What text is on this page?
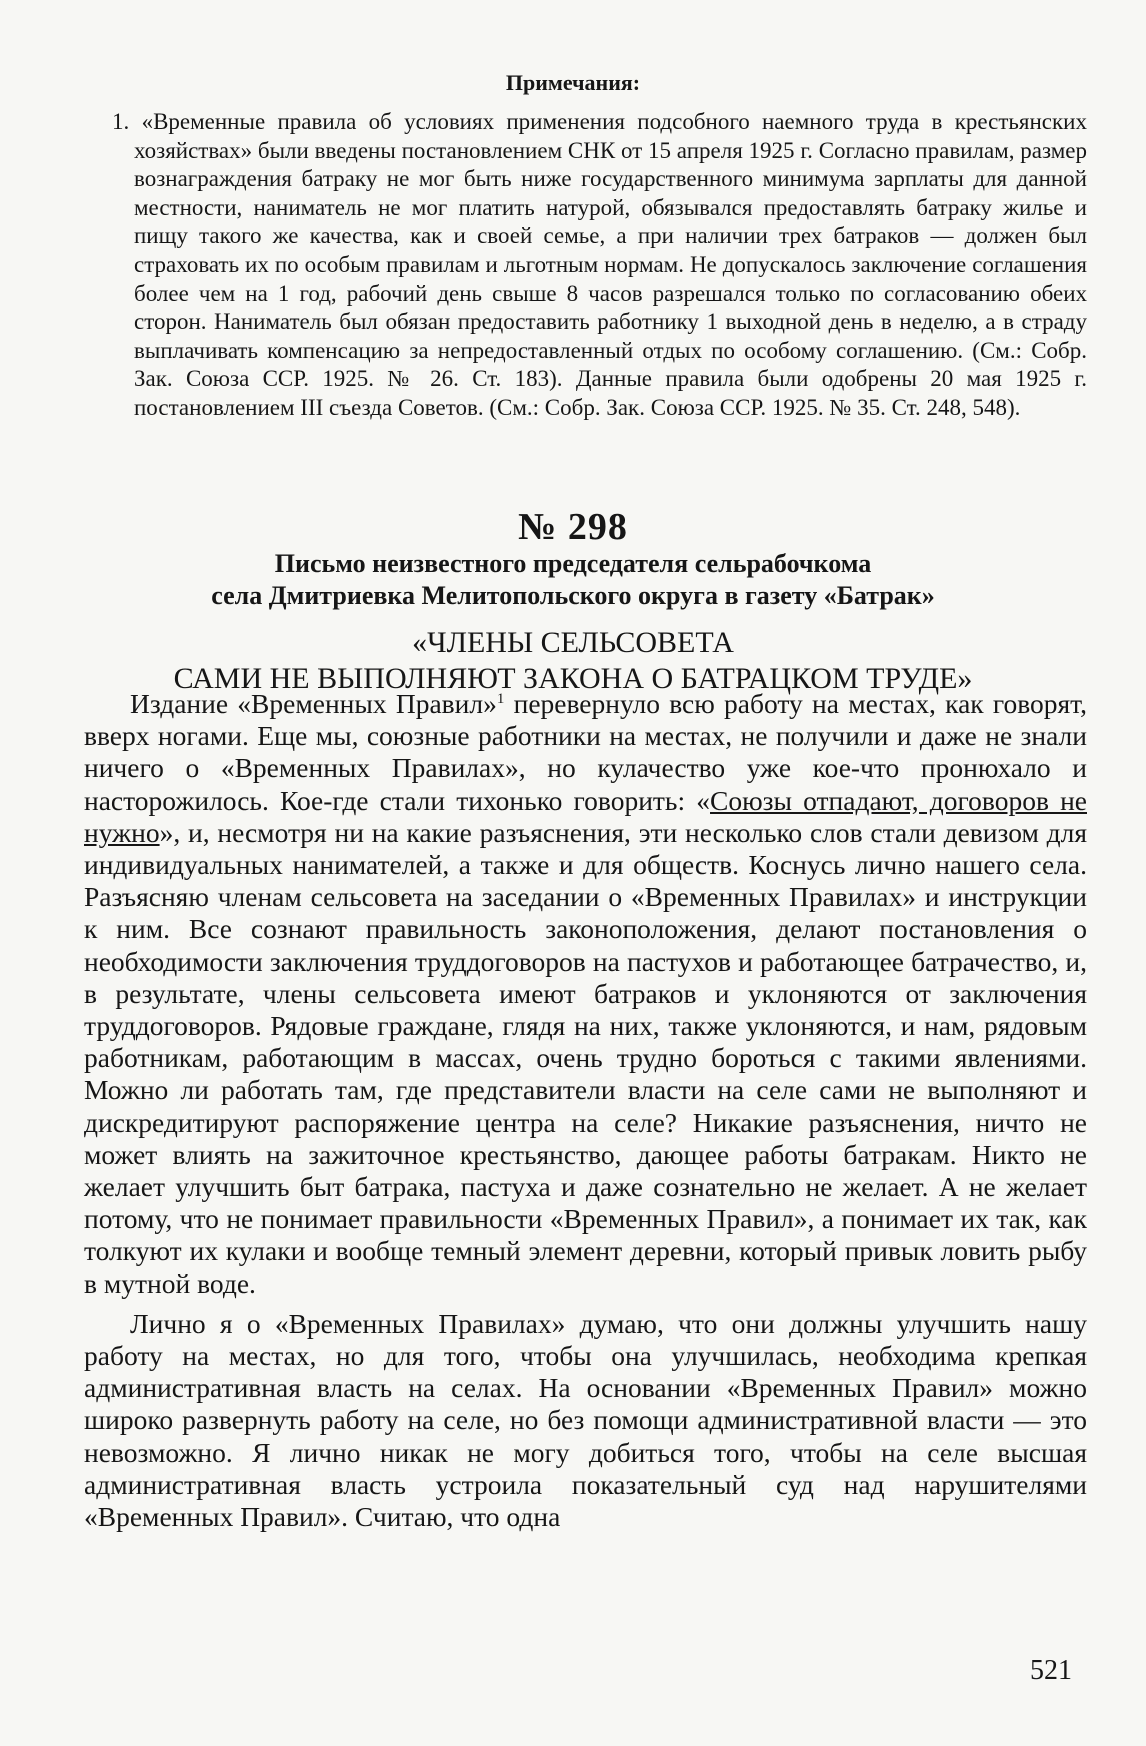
Примечания:
1. «Временные правила об условиях применения подсобного наемного труда в крестьянских хозяйствах» были введены постановлением СНК от 15 апреля 1925 г. Согласно правилам, размер вознаграждения батраку не мог быть ниже государственного минимума зарплаты для данной местности, наниматель не мог платить натурой, обязывался предоставлять батраку жилье и пищу такого же качества, как и своей семье, а при наличии трех батраков — должен был страховать их по особым правилам и льготным нормам. Не допускалось заключение соглашения более чем на 1 год, рабочий день свыше 8 часов разрешался только по согласованию обеих сторон. Наниматель был обязан предоставить работнику 1 выходной день в неделю, а в страду выплачивать компенсацию за непредоставленный отдых по особому соглашению. (См.: Собр. Зак. Союза ССР. 1925. № 26. Ст. 183). Данные правила были одобрены 20 мая 1925 г. постановлением III съезда Советов. (См.: Собр. Зак. Союза ССР. 1925. № 35. Ст. 248, 548).
№ 298
Письмо неизвестного председателя сельрабочкома
села Дмитриевка Мелитопольского округа в газету «Батрак»
«ЧЛЕНЫ СЕЛЬСОВЕТА
САМИ НЕ ВЫПОЛНЯЮТ ЗАКОНА О БАТРАЦКОМ ТРУДЕ»

Издание «Временных Правил»$^1$ перевернуло всю работу на местах, как говорят, вверх ногами. Еще мы, союзные работники на местах, не получили и даже не знали ничего о «Временных Правилах», но кулачество уже кое-что пронюхало и насторожилось. Кое-где стали тихонько говорить: «Союзы отпадают, договоров не нужно», и, несмотря ни на какие разъяснения, эти несколько слов стали девизом для индивидуальных нанимателей, а также и для обществ. Коснусь лично нашего села. Разъясняю членам сельсовета на заседании о «Временных Правилах» и инструкции к ним. Все сознают правильность законоположения, делают постановления о необходимости заключения труддоговоров на пастухов и работающее батрачество, и, в результате, члены сельсовета имеют батраков и уклоняются от заключения труддоговоров. Рядовые граждане, глядя на них, также уклоняются, и нам, рядовым работникам, работающим в массах, очень трудно бороться с такими явлениями. Можно ли работать там, где представители власти на селе сами не выполняют и дискредитируют распоряжение центра на селе? Никакие разъяснения, ничто не может влиять на зажиточное крестьянство, дающее работы батракам. Никто не желает улучшить быт батрака, пастуха и даже сознательно не желает. А не желает потому, что не понимает правильности «Временных Правил», а понимает их так, как толкуют их кулаки и вообще темный элемент деревни, который привык ловить рыбу в мутной воде.

Лично я о «Временных Правилах» думаю, что они должны улучшить нашу работу на местах, но для того, чтобы она улучшилась, необходима крепкая административная власть на селах. На основании «Временных Правил» можно широко развернуть работу на селе, но без помощи административной власти — это невозможно. Я лично никак не могу добиться того, чтобы на селе высшая административная власть устроила показательный суд над нарушителями «Временных Правил». Считаю, что одна

521
